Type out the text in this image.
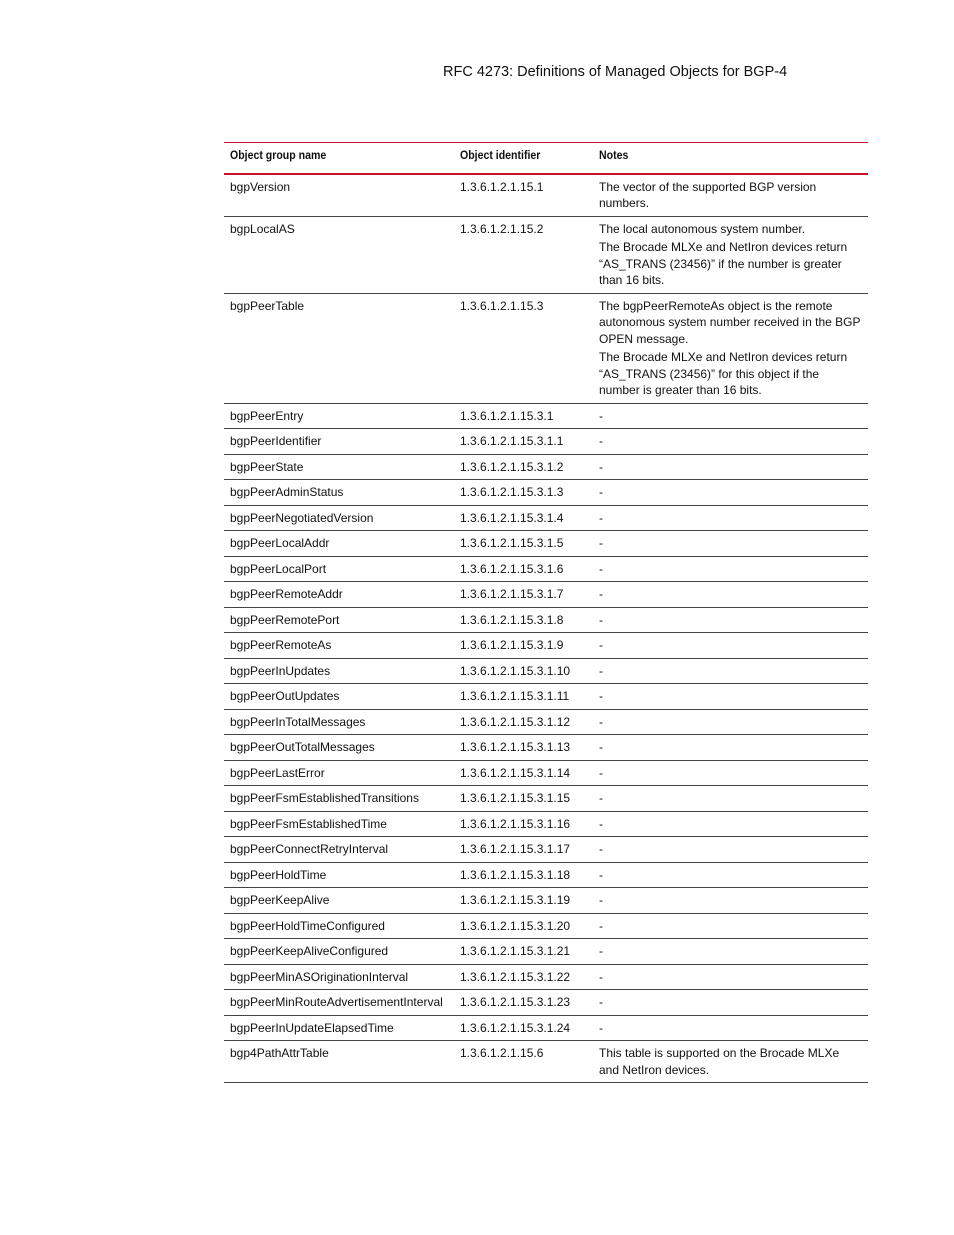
RFC 4273: Definitions of Managed Objects for BGP-4
Object group name	Object identifier	Notes
bgpVersion	1.3.6.1.2.1.15.1	The vector of the supported BGP version numbers.

bgpLocalAS	1.3.6.1.2.1.15.2	The local autonomous system number.

The Brocade MLXe and NetIron devices return “AS_TRANS (23456)” if the number is greater than 16 bits.

bgpPeerTable	1.3.6.1.2.1.15.3	The bgpPeerRemoteAs object is the remote autonomous system number received in the BGP OPEN message.

The Brocade MLXe and NetIron devices return “AS_TRANS (23456)” for this object if the number is greater than 16 bits.

bgpPeerEntry	1.3.6.1.2.1.15.3.1	-

bgpPeerIdentifier	1.3.6.1.2.1.15.3.1.1	-

bgpPeerState	1.3.6.1.2.1.15.3.1.2	-

bgpPeerAdminStatus	1.3.6.1.2.1.15.3.1.3	-

bgpPeerNegotiatedVersion	1.3.6.1.2.1.15.3.1.4	-

bgpPeerLocalAddr	1.3.6.1.2.1.15.3.1.5	-

bgpPeerLocalPort	1.3.6.1.2.1.15.3.1.6	-

bgpPeerRemoteAddr	1.3.6.1.2.1.15.3.1.7	-

bgpPeerRemotePort	1.3.6.1.2.1.15.3.1.8	-

bgpPeerRemoteAs	1.3.6.1.2.1.15.3.1.9	-

bgpPeerInUpdates	1.3.6.1.2.1.15.3.1.10	-

bgpPeerOutUpdates	1.3.6.1.2.1.15.3.1.11	-

bgpPeerInTotalMessages	1.3.6.1.2.1.15.3.1.12	-

bgpPeerOutTotalMessages	1.3.6.1.2.1.15.3.1.13	-

bgpPeerLastError	1.3.6.1.2.1.15.3.1.14	-

bgpPeerFsmEstablishedTransitions	1.3.6.1.2.1.15.3.1.15	-

bgpPeerFsmEstablishedTime	1.3.6.1.2.1.15.3.1.16	-

bgpPeerConnectRetryInterval	1.3.6.1.2.1.15.3.1.17	-

bgpPeerHoldTime	1.3.6.1.2.1.15.3.1.18	-

bgpPeerKeepAlive	1.3.6.1.2.1.15.3.1.19	-

bgpPeerHoldTimeConfigured	1.3.6.1.2.1.15.3.1.20	-

bgpPeerKeepAliveConfigured	1.3.6.1.2.1.15.3.1.21	-

bgpPeerMinASOriginationInterval	1.3.6.1.2.1.15.3.1.22	-

bgpPeerMinRouteAdvertisementInterval	1.3.6.1.2.1.15.3.1.23	-

bgpPeerInUpdateElapsedTime	1.3.6.1.2.1.15.3.1.24	-

bgp4PathAttrTable	1.3.6.1.2.1.15.6	This table is supported on the Brocade MLXe and NetIron devices.
